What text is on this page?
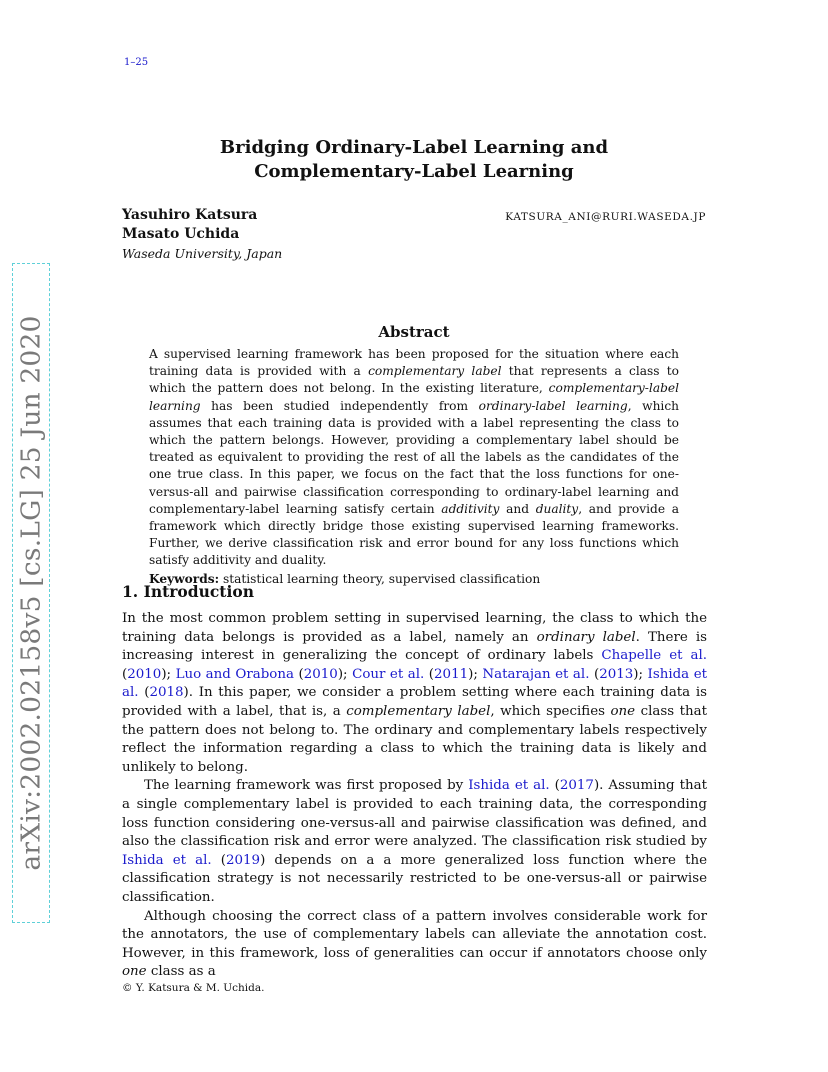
1–25
Bridging Ordinary-Label Learning and
Complementary-Label Learning
Yasuhiro Katsura
Masato Uchida
KATSURA_ANI@RURI.WASEDA.JP
Waseda University, Japan
arXiv:2002.02158v5 [cs.LG] 25 Jun 2020	Abstract
A supervised learning framework has been proposed for the situation where each training data is provided with a complementary label that represents a class to which the pattern does not belong. In the existing literature, complementary-label learning has been studied independently from ordinary-label learning, which assumes that each training data is provided with a label representing the class to which the pattern belongs. However, providing a complementary label should be treated as equivalent to providing the rest of all the labels as the candidates of the one true class. In this paper, we focus on the fact that the loss functions for one-versus-all and pairwise classification corresponding to ordinary-label learning and complementary-label learning satisfy certain additivity and duality, and provide a framework which directly bridge those existing supervised learning frameworks. Further, we derive classification risk and error bound for any loss functions which satisfy additivity and duality.
Keywords: statistical learning theory, supervised classification
1. Introduction

In the most common problem setting in supervised learning, the class to which the training data belongs is provided as a label, namely an ordinary label. There is increasing interest in generalizing the concept of ordinary labels Chapelle et al. (2010); Luo and Orabona (2010); Cour et al. (2011); Natarajan et al. (2013); Ishida et al. (2018). In this paper, we consider a problem setting where each training data is provided with a label, that is, a complementary label, which specifies one class that the pattern does not belong to. The ordinary and complementary labels respectively reflect the information regarding a class to which the training data is likely and unlikely to belong.

The learning framework was first proposed by Ishida et al. (2017). Assuming that a single complementary label is provided to each training data, the corresponding loss function considering one-versus-all and pairwise classification was defined, and also the classification risk and error were analyzed. The classification risk studied by Ishida et al. (2019) depends on a a more generalized loss function where the classification strategy is not necessarily restricted to be one-versus-all or pairwise classification.

Although choosing the correct class of a pattern involves considerable work for the annotators, the use of complementary labels can alleviate the annotation cost. However, in this framework, loss of generalities can occur if annotators choose only one class as a

© Y. Katsura & M. Uchida.
